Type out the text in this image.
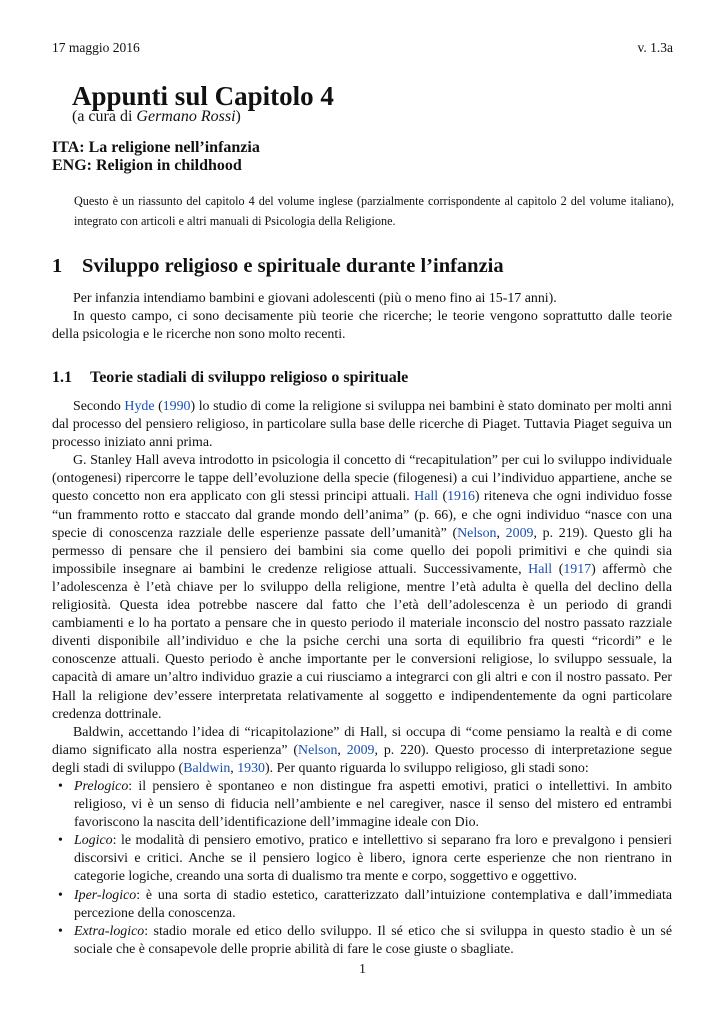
17 maggio 2016	v. 1.3a
Appunti sul Capitolo 4
(a cura di Germano Rossi)
ITA: La religione nell’infanzia
ENG: Religion in childhood
Questo è un riassunto del capitolo 4 del volume inglese (parzialmente corrispondente al capitolo 2 del volume italiano), integrato con articoli e altri manuali di Psicologia della Religione.
1 Sviluppo religioso e spirituale durante l’infanzia

Per infanzia intendiamo bambini e giovani adolescenti (più o meno fino ai 15-17 anni).

In questo campo, ci sono decisamente più teorie che ricerche; le teorie vengono soprattutto dalle teorie della psicologia e le ricerche non sono molto recenti.

1.1 Teorie stadiali di sviluppo religioso o spirituale

Secondo Hyde (1990) lo studio di come la religione si sviluppa nei bambini è stato dominato per molti anni dal processo del pensiero religioso, in particolare sulla base delle ricerche di Piaget. Tuttavia Piaget seguiva un processo iniziato anni prima.

G. Stanley Hall aveva introdotto in psicologia il concetto di “recapitulation” per cui lo sviluppo individuale (ontogenesi) ripercorre le tappe dell’evoluzione della specie (filogenesi) a cui l’individuo appartiene, anche se questo concetto non era applicato con gli stessi principi attuali. Hall (1916) riteneva che ogni individuo fosse “un frammento rotto e staccato dal grande mondo dell’anima” (p. 66), e che ogni individuo “nasce con una specie di conoscenza razziale delle esperienze passate dell’umanità” (Nelson, 2009, p. 219). Questo gli ha permesso di pensare che il pensiero dei bambini sia come quello dei popoli primitivi e che quindi sia impossibile insegnare ai bambini le credenze religiose attuali. Successivamente, Hall (1917) affermò che l’adolescenza è l’età chiave per lo sviluppo della religione, mentre l’età adulta è quella del declino della religiosità. Questa idea potrebbe nascere dal fatto che l’età dell’adolescenza è un periodo di grandi cambiamenti e lo ha portato a pensare che in questo periodo il materiale inconscio del nostro passato razziale diventi disponibile all’individuo e che la psiche cerchi una sorta di equilibrio fra questi “ricordi” e le conoscenze attuali. Questo periodo è anche importante per le conversioni religiose, lo sviluppo sessuale, la capacità di amare un’altro individuo grazie a cui riusciamo a integrarci con gli altri e con il nostro passato. Per Hall la religione dev’essere interpretata relativamente al soggetto e indipendentemente da ogni particolare credenza dottrinale.

Baldwin, accettando l’idea di “ricapitolazione” di Hall, si occupa di “come pensiamo la realtà e di come diamo significato alla nostra esperienza” (Nelson, 2009, p. 220). Questo processo di interpretazione segue degli stadi di sviluppo (Baldwin, 1930). Per quanto riguarda lo sviluppo religioso, gli stadi sono:

• Prelogico: il pensiero è spontaneo e non distingue fra aspetti emotivi, pratici o intellettivi. In ambito religioso, vi è un senso di fiducia nell’ambiente e nel caregiver, nasce il senso del mistero ed entrambi favoriscono la nascita dell’identificazione dell’immagine ideale con Dio.
• Logico: le modalità di pensiero emotivo, pratico e intellettivo si separano fra loro e prevalgono i pensieri discorsivi e critici. Anche se il pensiero logico è libero, ignora certe esperienze che non rientrano in categorie logiche, creando una sorta di dualismo tra mente e corpo, soggettivo e oggettivo.
• Iper-logico: è una sorta di stadio estetico, caratterizzato dall’intuizione contemplativa e dall’immediata percezione della conoscenza.
• Extra-logico: stadio morale ed etico dello sviluppo. Il sé etico che si sviluppa in questo stadio è un sé sociale che è consapevole delle proprie abilità di fare le cose giuste o sbagliate.
1
